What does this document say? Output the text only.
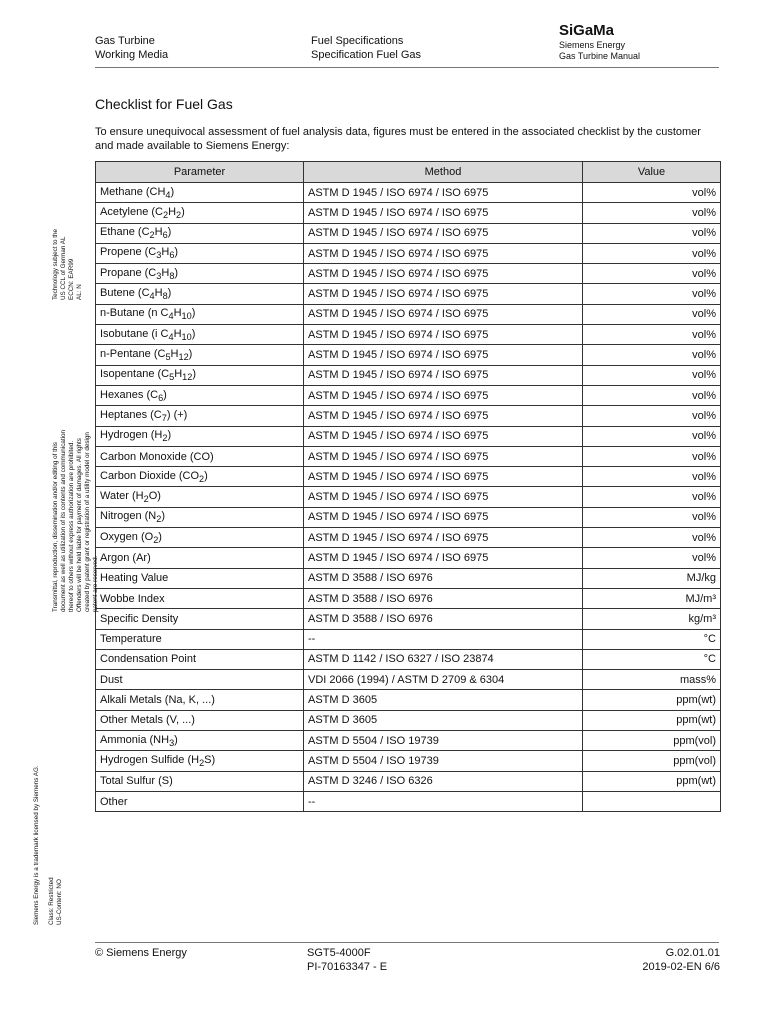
Gas Turbine
Working Media
Fuel Specifications
Specification Fuel Gas
SiGaMa
Siemens Energy
Gas Turbine Manual
Checklist for Fuel Gas
To ensure unequivocal assessment of fuel analysis data, figures must be entered in the associated checklist by the customer and made available to Siemens Energy:
Parameter	Method	Value
Methane $(CH_4)$	ASTM D 1945 / ISO 6974 / ISO 6975	vol%
Acetylene $(C_2H_2)$	ASTM D 1945 / ISO 6974 / ISO 6975	vol%
Ethane $(C_2H_6)$	ASTM D 1945 / ISO 6974 / ISO 6975	vol%
Propene $(C_3H_6)$	ASTM D 1945 / ISO 6974 / ISO 6975	vol%
Propane $(C_3H_8)$	ASTM D 1945 / ISO 6974 / ISO 6975	vol%
Butene $(C_4H_8)$	ASTM D 1945 / ISO 6974 / ISO 6975	vol%
n-Butane (n $C_4H_{10}$)	ASTM D 1945 / ISO 6974 / ISO 6975	vol%
Isobutane (i $C_4H_{10}$)	ASTM D 1945 / ISO 6974 / ISO 6975	vol%
n-Pentane $(C_5H_{12})$	ASTM D 1945 / ISO 6974 / ISO 6975	vol%
Isopentane $(C_5H_{12})$	ASTM D 1945 / ISO 6974 / ISO 6975	vol%
Hexanes $(C_6)$	ASTM D 1945 / ISO 6974 / ISO 6975	vol%
Heptanes $(C_7)$ (+)	ASTM D 1945 / ISO 6974 / ISO 6975	vol%
Hydrogen $(H_2)$	ASTM D 1945 / ISO 6974 / ISO 6975	vol%
Carbon Monoxide (CO)	ASTM D 1945 / ISO 6974 / ISO 6975	vol%
Carbon Dioxide $(CO_2)$	ASTM D 1945 / ISO 6974 / ISO 6975	vol%
Water $(H_2O)$	ASTM D 1945 / ISO 6974 / ISO 6975	vol%
Nitrogen $(N_2)$	ASTM D 1945 / ISO 6974 / ISO 6975	vol%
Oxygen $(O_2)$	ASTM D 1945 / ISO 6974 / ISO 6975	vol%
Argon (Ar)	ASTM D 1945 / ISO 6974 / ISO 6975	vol%
Heating Value	ASTM D 3588 / ISO 6976	MJ/kg
Wobbe Index	ASTM D 3588 / ISO 6976	MJ/m³
Specific Density	ASTM D 3588 / ISO 6976	kg/m³
Temperature	--	°C
Condensation Point	ASTM D 1142 / ISO 6327 / ISO 23874	°C
Dust	VDI 2066 (1994) / ASTM D 2709 & 6304	mass%
Alkali Metals (Na, K, ...)	ASTM D 3605	ppm(wt)
Other Metals (V, ...)	ASTM D 3605	ppm(wt)
Ammonia $(NH_3)$	ASTM D 5504 / ISO 19739	ppm(vol)
Hydrogen Sulfide $(H_2S)$	ASTM D 5504 / ISO 19739	ppm(vol)
Total Sulfur (S)	ASTM D 3246 / ISO 6326	ppm(wt)
Other	--	
Technology subject to the US CCL of German AL ECCN: EAR99 AL: N
Transmittal, reproduction, dissemination and/or editing of this document as well as utilization of its contents and communication thereof to others without express authorization are prohibited. Offenders will be held liable for payment of damages. All rights created by patent grant or registration of a utility model or design patent are reserved.
Siemens Energy is a trademark licensed by Siemens AG. Class: Restricted US-Content: NO
© Siemens Energy	SGT5-4000F
PI-70163347 - E
G.02.01.01
2019-02-EN 6/6
